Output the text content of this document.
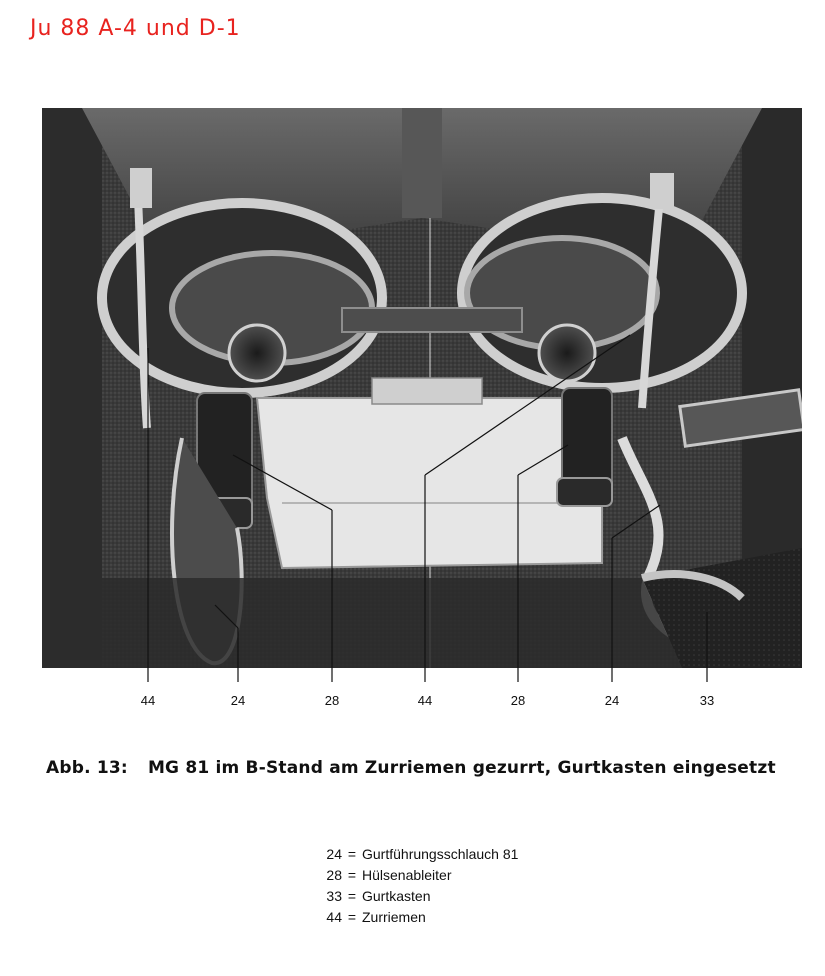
Ju 88 A-4 und D-1
44	24	28	44	28	24	33
Abb. 13: MG 81 im B-Stand am Zurriemen gezurrt, Gurtkasten eingesetzt
24 = Gurtführungsschlauch 81
28 = Hülsenableiter
33 = Gurtkasten
44 = Zurriemen
